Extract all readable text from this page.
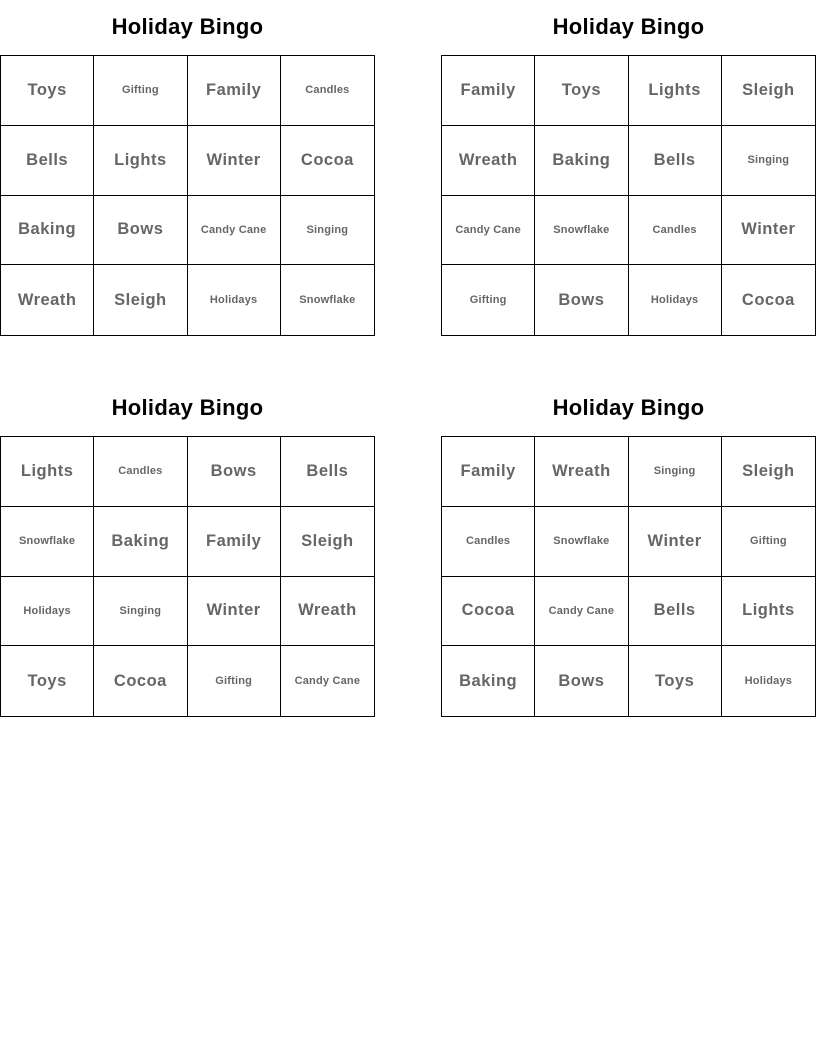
Holiday Bingo
Toys	Gifting	Family	Candles
Bells	Lights	Winter	Cocoa
Baking	Bows	Candy Cane	Singing
Wreath	Sleigh	Holidays	Snowflake
Holiday Bingo
Family	Toys	Lights	Sleigh
Wreath	Baking	Bells	Singing
Candy Cane	Snowflake	Candles	Winter
Gifting	Bows	Holidays	Cocoa
Holiday Bingo
Lights	Candles	Bows	Bells
Snowflake	Baking	Family	Sleigh
Holidays	Singing	Winter	Wreath
Toys	Cocoa	Gifting	Candy Cane
Holiday Bingo
Family	Wreath	Singing	Sleigh
Candles	Snowflake	Winter	Gifting
Cocoa	Candy Cane	Bells	Lights
Baking	Bows	Toys	Holidays
